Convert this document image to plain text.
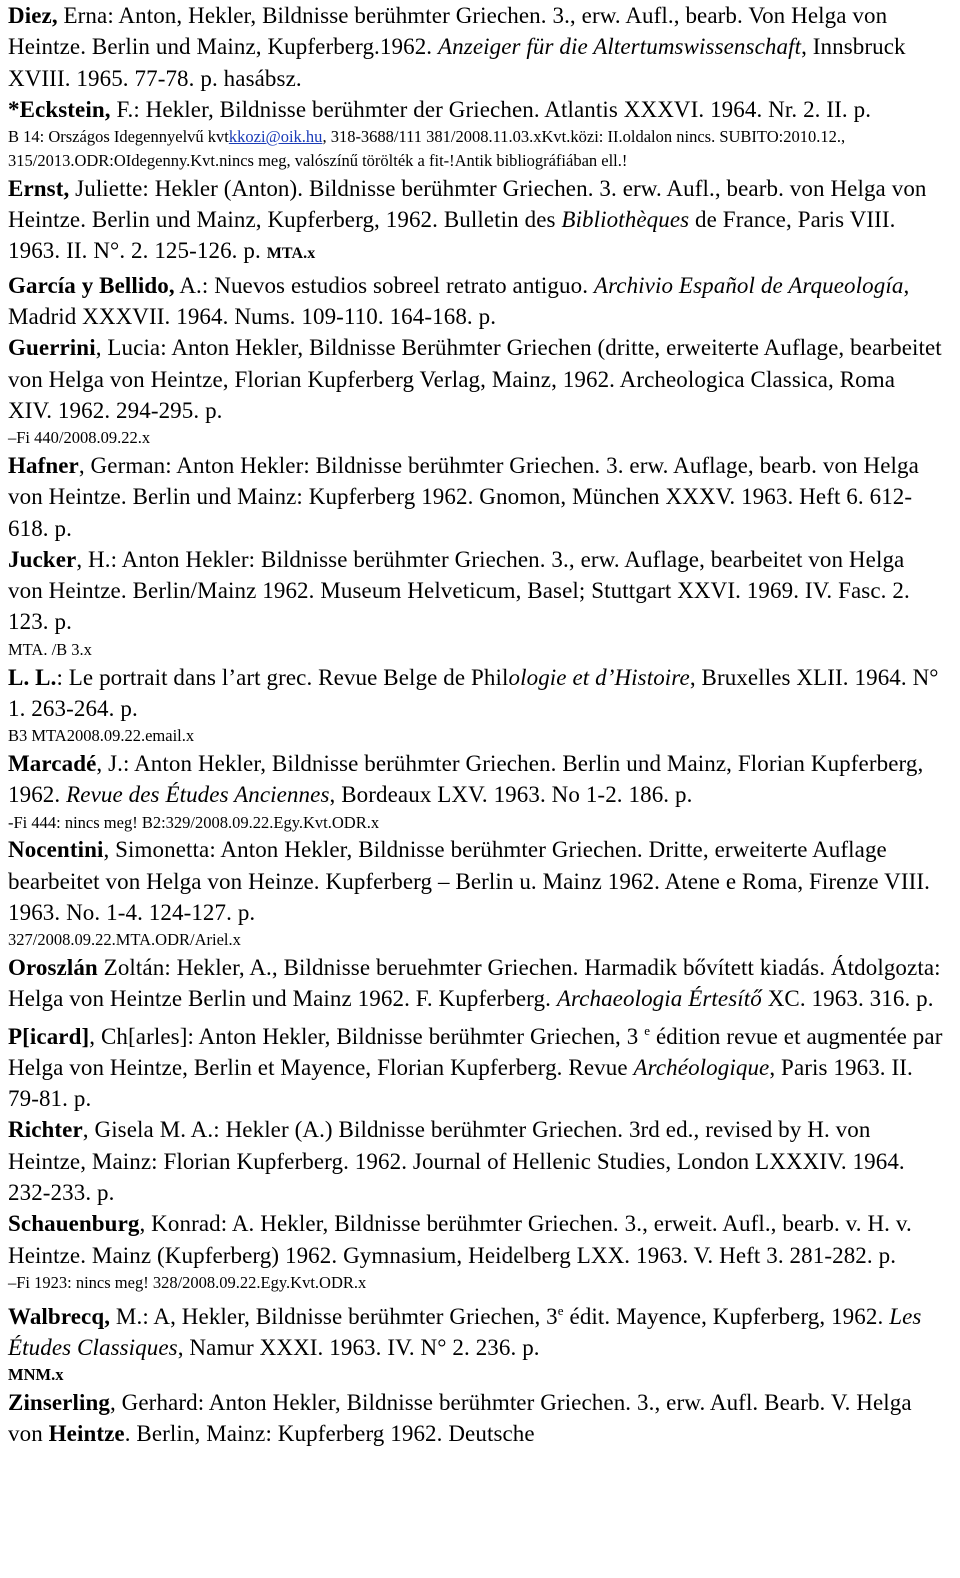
Diez, Erna: Anton, Hekler, Bildnisse berühmter Griechen. 3., erw. Aufl., bearb. Von Helga von Heintze. Berlin und Mainz, Kupferberg.1962. Anzeiger für die Altertumswissenschaft, Innsbruck XVIII. 1965. 77-78. p. hasábsz.

*Eckstein, F.: Hekler, Bildnisse berühmter der Griechen. Atlantis XXXVI. 1964. Nr. 2. II. p.

B 14: Országos Idegennyelvű kvtkkozi@oik.hu, 318-3688/111 381/2008.11.03.xKvt.közi: II.oldalon nincs. SUBITO:2010.12., 315/2013.ODR:OIdegenny.Kvt.nincs meg, valószínű törölték a fit-!Antik bibliográfiában ell.!

Ernst, Juliette: Hekler (Anton). Bildnisse berühmter Griechen. 3. erw. Aufl., bearb. von Helga von Heintze. Berlin und Mainz, Kupferberg, 1962. Bulletin des Bibliothèques de France, Paris VIII. 1963. II. N°. 2. 125-126. p. MTA.x

García y Bellido, A.: Nuevos estudios sobreel retrato antiguo. Archivio Español de Arqueología, Madrid XXXVII. 1964. Nums. 109-110. 164-168. p.

Guerrini, Lucia: Anton Hekler, Bildnisse Berühmter Griechen (dritte, erweiterte Auflage, bearbeitet von Helga von Heintze, Florian Kupferberg Verlag, Mainz, 1962. Archeologica Classica, Roma XIV. 1962. 294-295. p.

–Fi 440/2008.09.22.x

Hafner, German: Anton Hekler: Bildnisse berühmter Griechen. 3. erw. Auflage, bearb. von Helga von Heintze. Berlin und Mainz: Kupferberg 1962. Gnomon, München XXXV. 1963. Heft 6. 612-618. p.

Jucker, H.: Anton Hekler: Bildnisse berühmter Griechen. 3., erw. Auflage, bearbeitet von Helga von Heintze. Berlin/Mainz 1962. Museum Helveticum, Basel; Stuttgart XXVI. 1969. IV. Fasc. 2. 123. p.

MTA. /B 3.x

L. L.: Le portrait dans l’art grec. Revue Belge de Philologie et d’Histoire, Bruxelles XLII. 1964. N° 1. 263-264. p.

B3 MTA2008.09.22.email.x

Marcadé, J.: Anton Hekler, Bildnisse berühmter Griechen. Berlin und Mainz, Florian Kupferberg, 1962. Revue des Études Anciennes, Bordeaux LXV. 1963. No 1-2. 186. p.

-Fi 444: nincs meg! B2:329/2008.09.22.Egy.Kvt.ODR.x

Nocentini, Simonetta: Anton Hekler, Bildnisse berühmter Griechen. Dritte, erweiterte Auflage bearbeitet von Helga von Heinze. Kupferberg – Berlin u. Mainz 1962. Atene e Roma, Firenze VIII. 1963. No. 1-4. 124-127. p.

327/2008.09.22.MTA.ODR/Ariel.x

Oroszlán Zoltán: Hekler, A., Bildnisse beruehmter Griechen. Harmadik bővített kiadás. Átdolgozta: Helga von Heintze Berlin und Mainz 1962. F. Kupferberg. Archaeologia Értesítő XC. 1963. 316. p.

P[icard], Ch[arles]: Anton Hekler, Bildnisse berühmter Griechen, 3 $^e$ édition revue et augmentée par Helga von Heintze, Berlin et Mayence, Florian Kupferberg. Revue Archéologique, Paris 1963. II. 79-81. p.

Richter, Gisela M. A.: Hekler (A.) Bildnisse berühmter Griechen. 3rd ed., revised by H. von Heintze, Mainz: Florian Kupferberg. 1962. Journal of Hellenic Studies, London LXXXIV. 1964. 232-233. p.

Schauenburg, Konrad: A. Hekler, Bildnisse berühmter Griechen. 3., erweit. Aufl., bearb. v. H. v. Heintze. Mainz (Kupferberg) 1962. Gymnasium, Heidelberg LXX. 1963. V. Heft 3. 281-282. p.

–Fi 1923: nincs meg! 328/2008.09.22.Egy.Kvt.ODR.x

Walbrecq, M.: A, Hekler, Bildnisse berühmter Griechen, 3e édit. Mayence, Kupferberg, 1962. Les Études Classiques, Namur XXXI. 1963. IV. N° 2. 236. p.

MNM.x

Zinserling, Gerhard: Anton Hekler, Bildnisse berühmter Griechen. 3., erw. Aufl. Bearb. V. Helga von Heintze. Berlin, Mainz: Kupferberg 1962. Deutsche
